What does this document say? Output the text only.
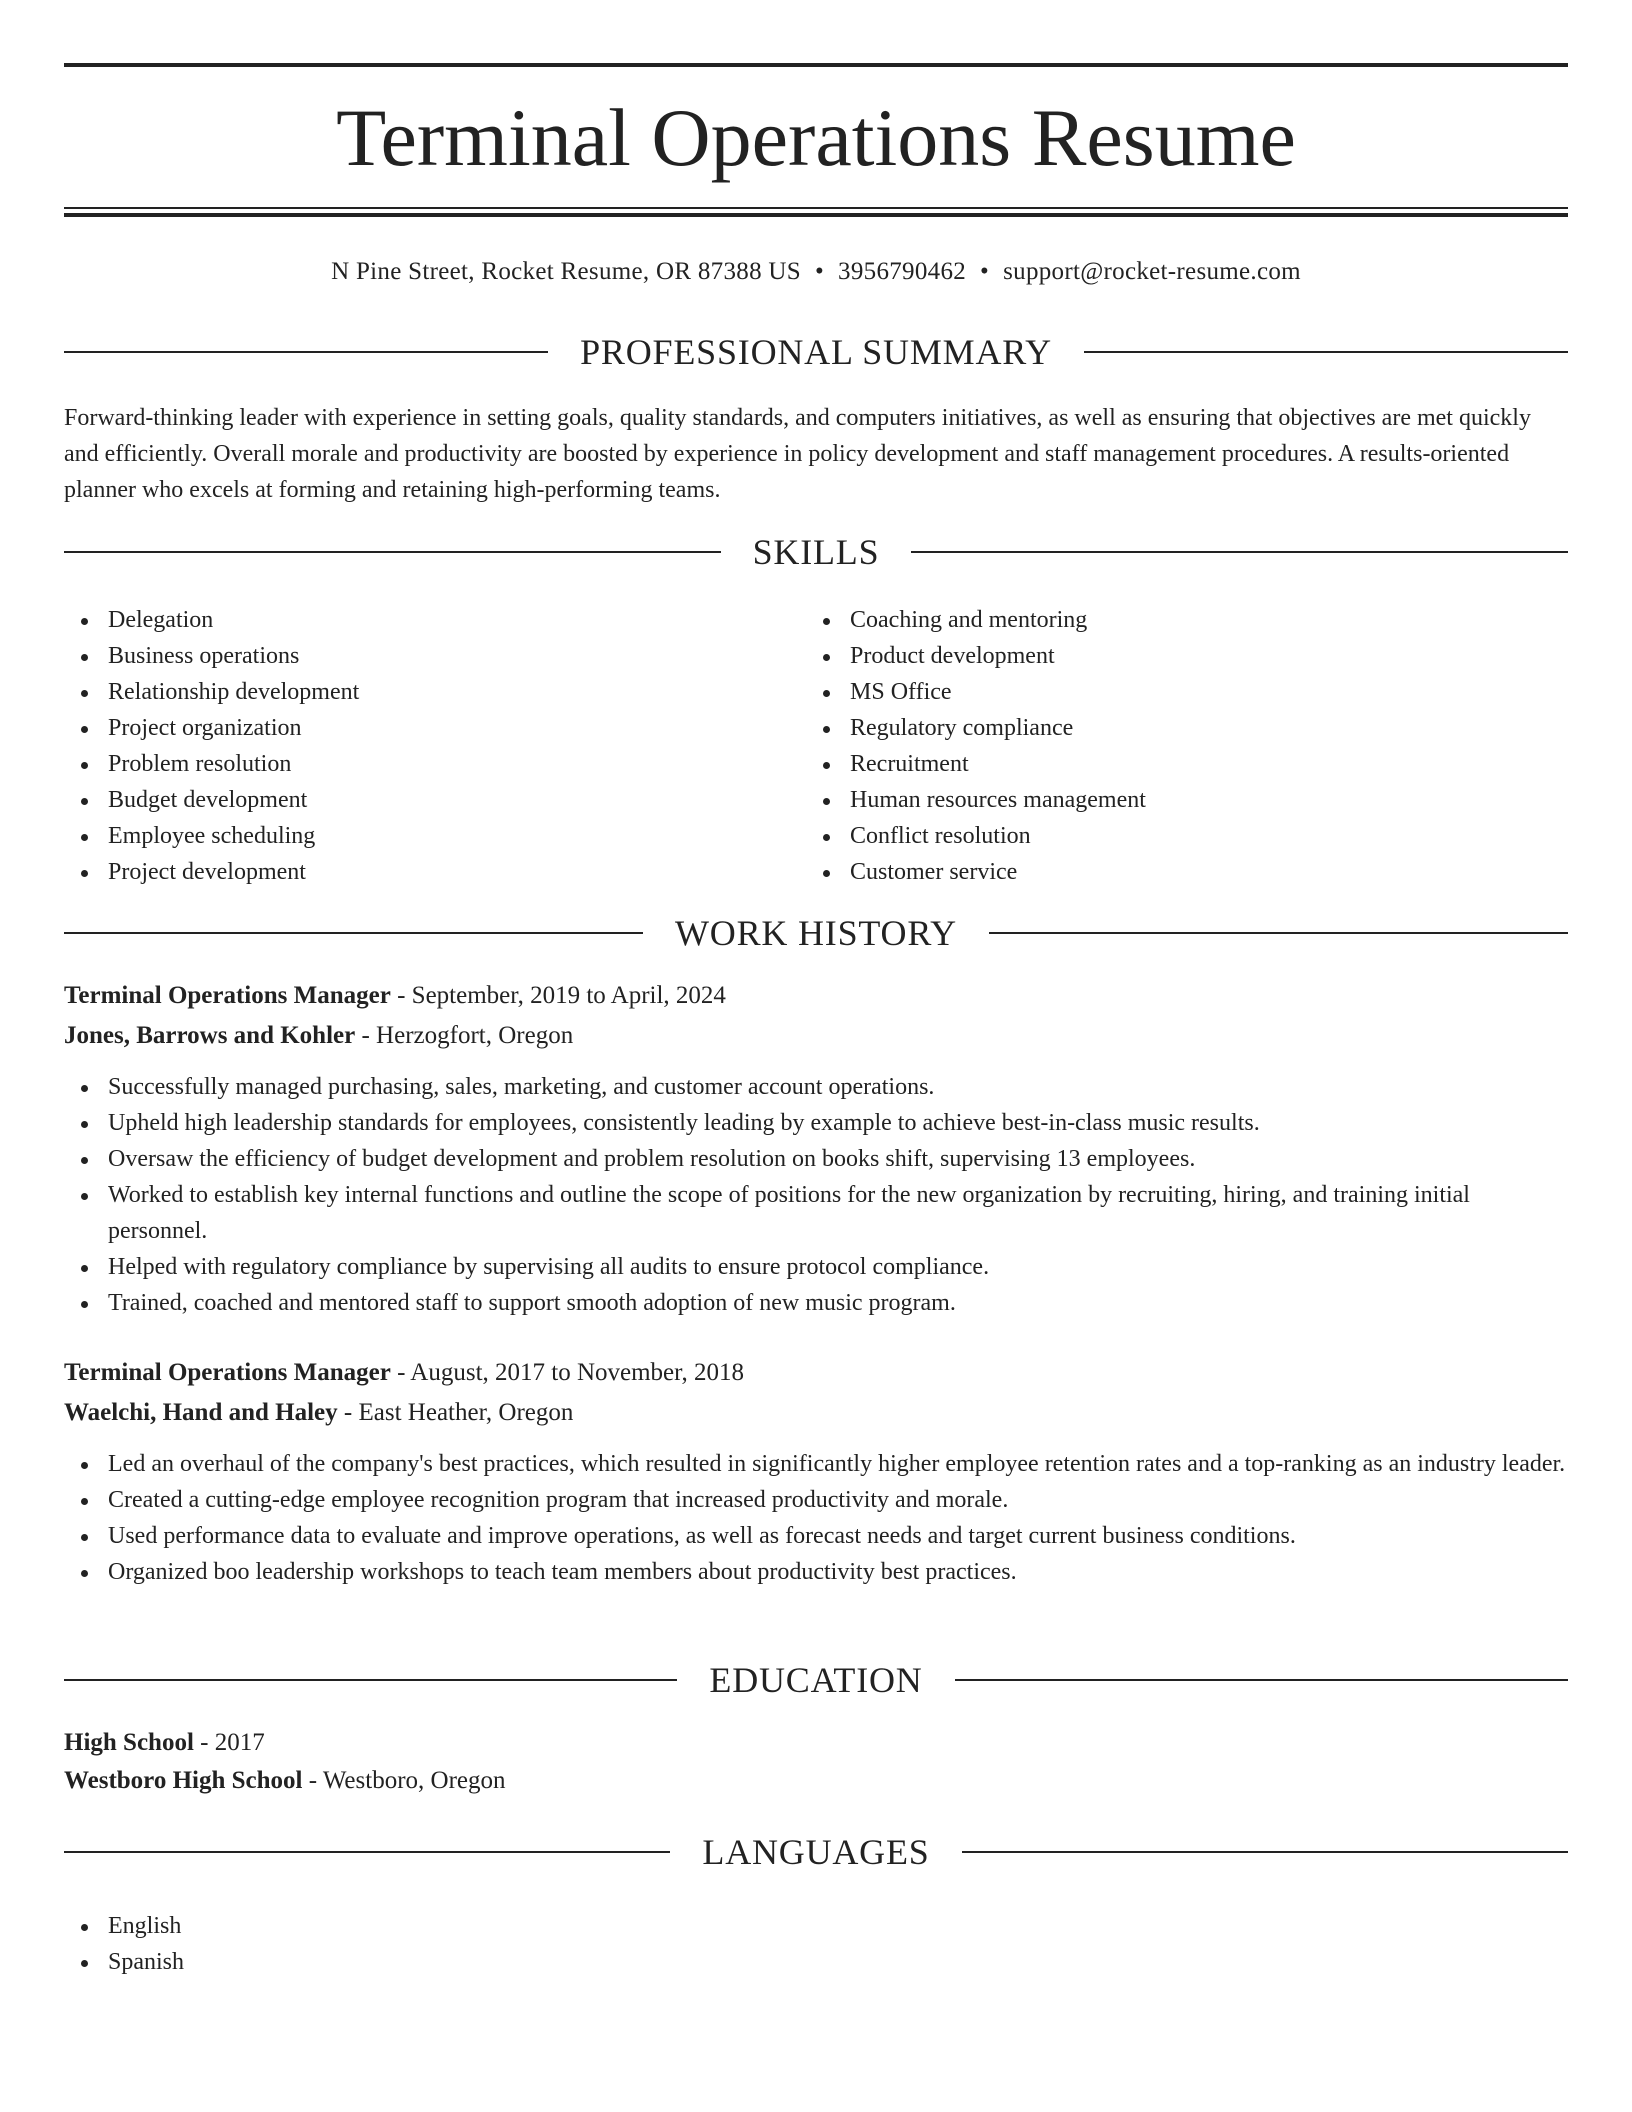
Terminal Operations Resume
N Pine Street, Rocket Resume, OR 87388 US • 3956790462 • support@rocket-resume.com
PROFESSIONAL SUMMARY

Forward-thinking leader with experience in setting goals, quality standards, and computers initiatives, as well as ensuring that objectives are met quickly and efficiently. Overall morale and productivity are boosted by experience in policy development and staff management procedures. A results-oriented planner who excels at forming and retaining high-performing teams.

SKILLS
Delegation
Business operations
Relationship development
Project organization
Problem resolution
Budget development
Employee scheduling
Project development
Coaching and mentoring
Product development
MS Office
Regulatory compliance
Recruitment
Human resources management
Conflict resolution
Customer service
WORK HISTORY
Terminal Operations Manager - September, 2019 to April, 2024
Jones, Barrows and Kohler - Herzogfort, Oregon
Successfully managed purchasing, sales, marketing, and customer account operations.
Upheld high leadership standards for employees, consistently leading by example to achieve best-in-class music results.
Oversaw the efficiency of budget development and problem resolution on books shift, supervising 13 employees.
Worked to establish key internal functions and outline the scope of positions for the new organization by recruiting, hiring, and training initial personnel.
Helped with regulatory compliance by supervising all audits to ensure protocol compliance.
Trained, coached and mentored staff to support smooth adoption of new music program.
Terminal Operations Manager - August, 2017 to November, 2018
Waelchi, Hand and Haley - East Heather, Oregon
Led an overhaul of the company's best practices, which resulted in significantly higher employee retention rates and a top-ranking as an industry leader.
Created a cutting-edge employee recognition program that increased productivity and morale.
Used performance data to evaluate and improve operations, as well as forecast needs and target current business conditions.
Organized boo leadership workshops to teach team members about productivity best practices.
EDUCATION
High School - 2017
Westboro High School - Westboro, Oregon
LANGUAGES
English
Spanish
